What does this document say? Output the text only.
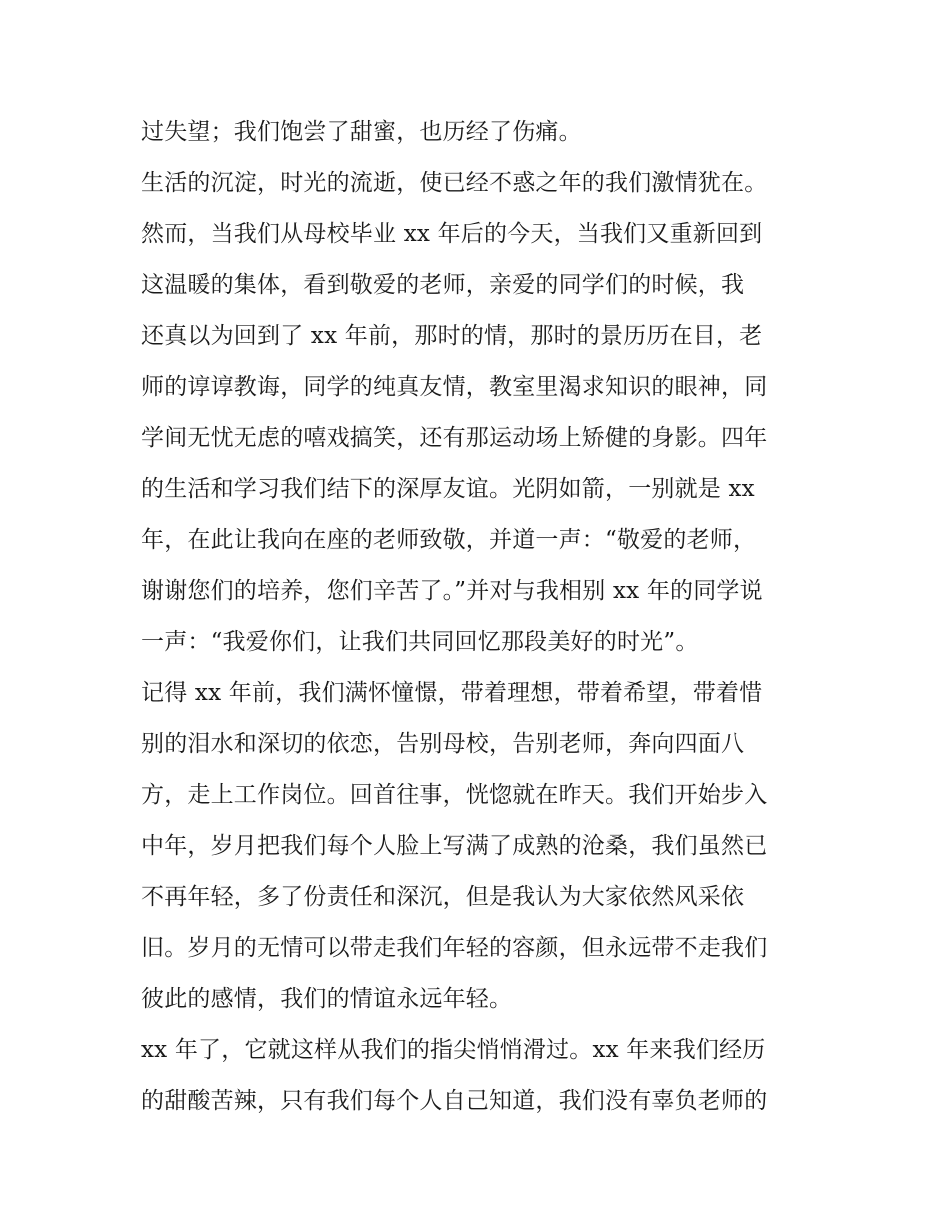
过失望；我们饱尝了甜蜜，也历经了伤痛。
生活的沉淀，时光的流逝，使已经不惑之年的我们激情犹在。
然而，当我们从母校毕业 xx 年后的今天，当我们又重新回到
这温暖的集体，看到敬爱的老师，亲爱的同学们的时候，我
还真以为回到了 xx 年前，那时的情，那时的景历历在目，老
师的谆谆教诲，同学的纯真友情，教室里渴求知识的眼神，同
学间无忧无虑的嘻戏搞笑，还有那运动场上矫健的身影。四年
的生活和学习我们结下的深厚友谊。光阴如箭，一别就是 xx
年，在此让我向在座的老师致敬，并道一声：“敬爱的老师，
谢谢您们的培养，您们辛苦了。”并对与我相别 xx 年的同学说
一声：“我爱你们，让我们共同回忆那段美好的时光”。
记得 xx 年前，我们满怀憧憬，带着理想，带着希望，带着惜
别的泪水和深切的依恋，告别母校，告别老师，奔向四面八
方，走上工作岗位。回首往事，恍惚就在昨天。我们开始步入
中年，岁月把我们每个人脸上写满了成熟的沧桑，我们虽然已
不再年轻，多了份责任和深沉，但是我认为大家依然风采依
旧。岁月的无情可以带走我们年轻的容颜，但永远带不走我们
彼此的感情，我们的情谊永远年轻。
xx 年了，它就这样从我们的指尖悄悄滑过。xx 年来我们经历
的甜酸苦辣，只有我们每个人自己知道，我们没有辜负老师的
